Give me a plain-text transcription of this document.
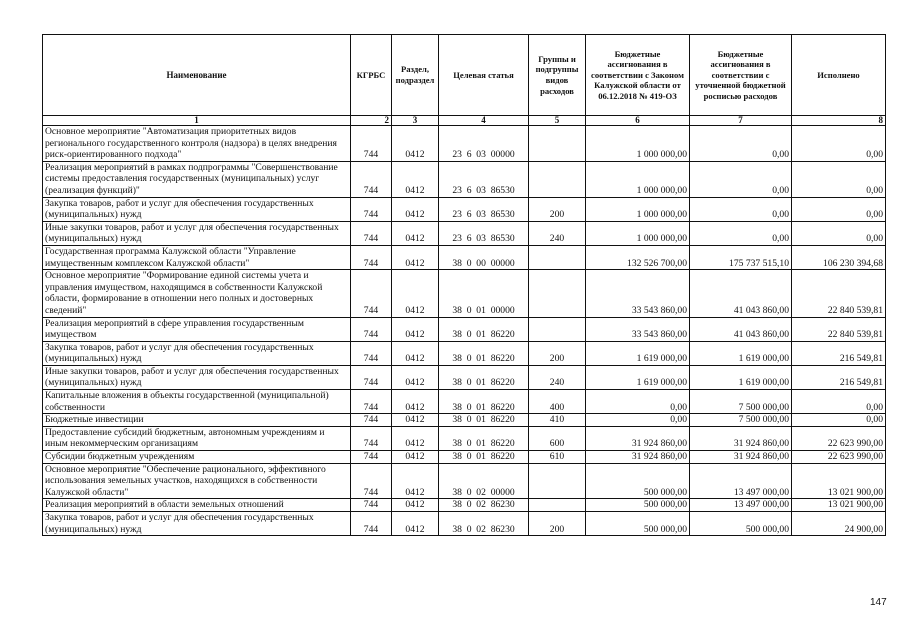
Наименование	КГРБС	Раздел, подраздел	Целевая статья	Группы и подгруппы видов расходов	Бюджетные ассигнования в соответствии с Законом Калужской области от 06.12.2018 № 419-ОЗ	Бюджетные ассигнования в соответствии с уточненной бюджетной росписью расходов	Исполнено
1	2	3	4	5	6	7	8
Основное мероприятие "Автоматизация приоритетных видов регионального государственного контроля (надзора) в целях внедрения риск-ориентированного подхода"	744	0412	23  6  03  00000		1 000 000,00	0,00	0,00
Реализация мероприятий в рамках подпрограммы "Совершенствование системы предоставления государственных (муниципальных) услуг (реализация функций)"	744	0412	23  6  03  86530		1 000 000,00	0,00	0,00
Закупка товаров, работ и услуг для обеспечения государственных (муниципальных) нужд	744	0412	23  6  03  86530	200	1 000 000,00	0,00	0,00
Иные закупки товаров, работ и услуг для обеспечения государственных (муниципальных) нужд	744	0412	23  6  03  86530	240	1 000 000,00	0,00	0,00
Государственная программа Калужской области "Управление имущественным комплексом Калужской области"	744	0412	38  0  00  00000		132 526 700,00	175 737 515,10	106 230 394,68
Основное мероприятие "Формирование единой системы учета и управления имуществом, находящимся в собственности Калужской области, формирование в отношении него полных и достоверных сведений"	744	0412	38  0  01  00000		33 543 860,00	41 043 860,00	22 840 539,81
Реализация мероприятий в сфере управления государственным имуществом	744	0412	38  0  01  86220		33 543 860,00	41 043 860,00	22 840 539,81
Закупка товаров, работ и услуг для обеспечения государственных (муниципальных) нужд	744	0412	38  0  01  86220	200	1 619 000,00	1 619 000,00	216 549,81
Иные закупки товаров, работ и услуг для обеспечения государственных (муниципальных) нужд	744	0412	38  0  01  86220	240	1 619 000,00	1 619 000,00	216 549,81
Капитальные вложения в объекты государственной (муниципальной) собственности	744	0412	38  0  01  86220	400	0,00	7 500 000,00	0,00
Бюджетные инвестиции	744	0412	38  0  01  86220	410	0,00	7 500 000,00	0,00
Предоставление субсидий бюджетным, автономным учреждениям и иным некоммерческим организациям	744	0412	38  0  01  86220	600	31 924 860,00	31 924 860,00	22 623 990,00
Субсидии бюджетным учреждениям	744	0412	38  0  01  86220	610	31 924 860,00	31 924 860,00	22 623 990,00
Основное мероприятие "Обеспечение рационального, эффективного использования земельных участков, находящихся в собственности Калужской области"	744	0412	38  0  02  00000		500 000,00	13 497 000,00	13 021 900,00
Реализация мероприятий в области земельных отношений	744	0412	38  0  02  86230		500 000,00	13 497 000,00	13 021 900,00
Закупка товаров, работ и услуг для обеспечения государственных (муниципальных) нужд	744	0412	38  0  02  86230	200	500 000,00	500 000,00	24 900,00
147
